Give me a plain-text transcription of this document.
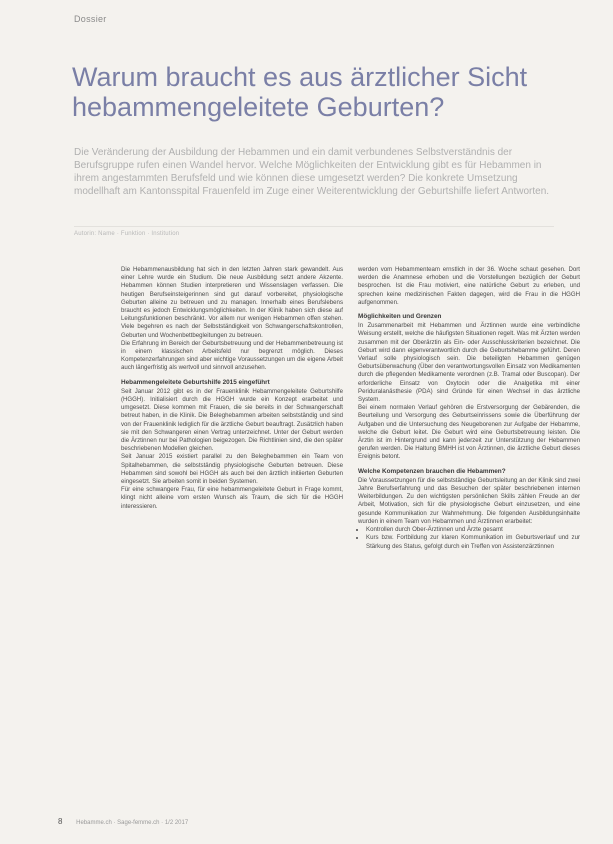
Dossier
Warum braucht es aus ärztlicher Sicht hebammengeleitete Geburten?

Die Veränderung der Ausbildung der Hebammen und ein damit verbundenes Selbstverständnis der Berufsgruppe rufen einen Wandel hervor. Welche Möglichkeiten der Entwicklung gibt es für Hebammen in ihrem angestammten Berufsfeld und wie können diese umgesetzt werden? Die konkrete Umsetzung modellhaft am Kantonsspital Frauenfeld im Zuge einer Weiterentwicklung der Geburtshilfe liefert Antworten.

Autorin: Name · Funktion · Institution

Die Hebammenausbildung hat sich in den letzten Jahren stark gewandelt. Aus einer Lehre wurde ein Studium. Die neue Ausbildung setzt andere Akzente. Hebammen können Studien interpretieren und Wissenslagen verfassen. Die heutigen Berufseinsteigerinnen sind gut darauf vorbereitet, physiologische Geburten alleine zu betreuen und zu managen. Innerhalb eines Berufslebens braucht es jedoch Entwicklungsmöglichkeiten. In der Klinik haben sich diese auf Leitungsfunktionen beschränkt. Vor allem nur wenigen Hebammen offen stehen. Viele begehren es nach der Selbstständigkeit von Schwangerschaftskontrollen, Geburten und Wochenbettbegleitungen zu betreuen.

Die Erfahrung im Bereich der Geburtsbetreuung und der Hebammenbetreuung ist in einem klassischen Arbeitsfeld nur begrenzt möglich. Dieses Kompetenzerfahrungen sind aber wichtige Voraussetzungen um die eigene Arbeit auch längerfristig als wertvoll und sinnvoll anzusehen.

Hebammengeleitete Geburtshilfe 2015 eingeführt

Seit Januar 2012 gibt es in der Frauenklinik Hebammengeleitete Geburtshilfe (HGGH). Initialisiert durch die HGGH wurde ein Konzept erarbeitet und umgesetzt. Diese kommen mit Frauen, die sie bereits in der Schwangerschaft betreut haben, in die Klinik. Die Beleghebammen arbeiten selbstständig und sind von der Frauenklinik lediglich für die ärztliche Geburt beauftragt. Zusätzlich haben sie mit den Schwangeren einen Vertrag unterzeichnet. Unter der Geburt werden die Ärztinnen nur bei Pathologien beigezogen. Die Richtlinien sind, die den später beschriebenen Modellen gleichen.

Seit Januar 2015 existiert parallel zu den Beleghebammen ein Team von Spitalhebammen, die selbstständig physiologische Geburten betreuen. Diese Hebammen sind sowohl bei HGGH als auch bei den ärztlich initiierten Geburten eingesetzt. Sie arbeiten somit in beiden Systemen.

Für eine schwangere Frau, für eine hebammengeleitete Geburt in Frage kommt, klingt nicht alleine vom ersten Wunsch als Traum, die sich für die HGGH interessieren.

werden vom Hebammenteam ernstlich in der 36. Woche schaut gesehen. Dort werden die Anamnese erhoben und die Vorstellungen bezüglich der Geburt besprochen. Ist die Frau motiviert, eine natürliche Geburt zu erleben, und sprechen keine medizinischen Fakten dagegen, wird die Frau in die HGGH aufgenommen.

Möglichkeiten und Grenzen

In Zusammenarbeit mit Hebammen und Ärztinnen wurde eine verbindliche Weisung erstellt, welche die häufigsten Situationen regelt. Was mit Ärzten werden zusammen mit der Oberärztin als Ein- oder Ausschlusskriterien bezeichnet. Die Geburt wird dann eigenverantwortlich durch die Geburtshebamme geführt. Deren Verlauf solle physiologisch sein. Die beteiligten Hebammen genügen Geburtsüberwachung (Über den verantwortungsvollen Einsatz von Medikamenten durch die pflegenden Medikamente verordnen (z.B. Tramal oder Buscopan). Der erforderliche Einsatz von Oxytocin oder die Analgetika mit einer Periduralanästhesie (PDA) sind Gründe für einen Wechsel in das ärztliche System.

Bei einem normalen Verlauf gehören die Erstversorgung der Gebärenden, die Beurteilung und Versorgung des Geburtseinrissens sowie die Überführung der Aufgaben und die Untersuchung des Neugeborenen zur Aufgabe der Hebamme, welche die Geburt leitet. Die Geburt wird eine Geburtsbetreuung leisten. Die Ärztin ist im Hintergrund und kann jederzeit zur Unterstützung der Hebammen gerufen werden. Die Haltung BMHH ist von Ärztinnen, die ärztliche Geburt dieses Ereignis betont.

Welche Kompetenzen brauchen die Hebammen?

Die Voraussetzungen für die selbstständige Geburtsleitung an der Klinik sind zwei Jahre Berufserfahrung und das Besuchen der später beschriebenen internen Weiterbildungen. Zu den wichtigsten persönlichen Skills zählen Freude an der Arbeit, Motivation, sich für die physiologische Geburt einzusetzen, und eine gesunde Kommunikation zur Wahrnehmung. Die folgenden Ausbildungsinhalte wurden in einem Team von Hebammen und Ärztinnen erarbeitet:

• Kontrollen durch Ober-Ärztinnen und Ärzte gesamt
• Kurs bzw. Fortbildung zur klaren Kommunikation im Geburtsverlauf und zur Stärkung des Status, gefolgt durch ein Treffen von Assistenzärztinnen
8 Hebamme.ch · Sage-femme.ch · 1/2 2017
